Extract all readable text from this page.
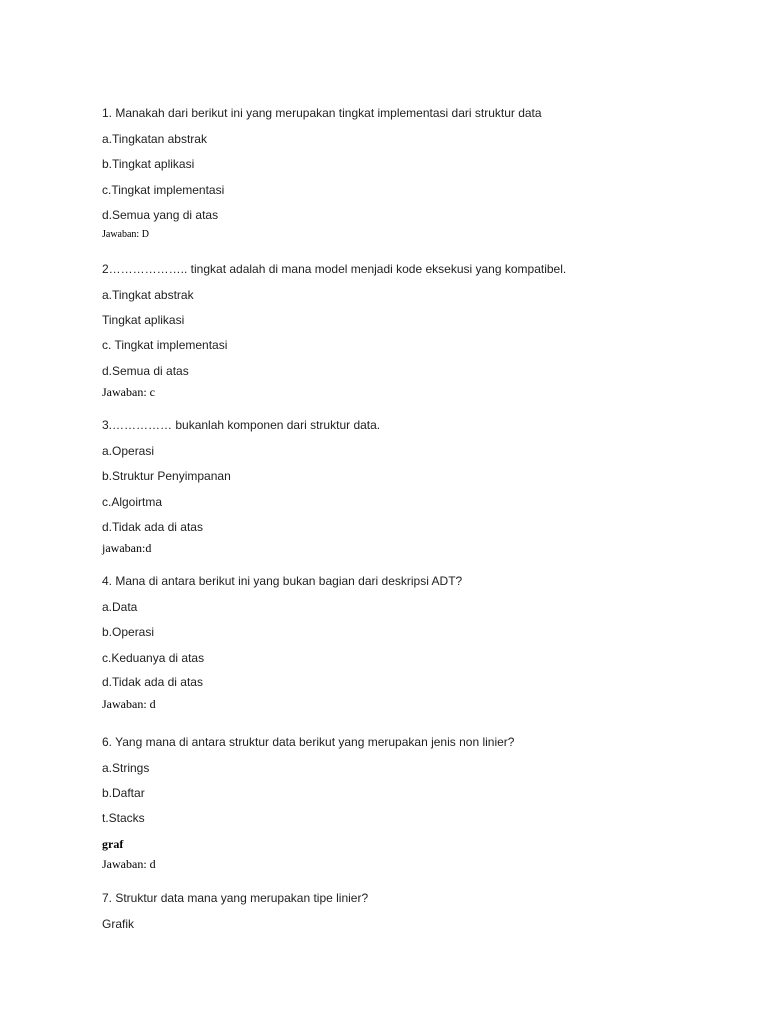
1. Manakah dari berikut ini yang merupakan tingkat implementasi dari struktur data
a.Tingkatan abstrak
b.Tingkat aplikasi
c.Tingkat implementasi
d.Semua yang di atas
Jawaban: D
2……………….. tingkat adalah di mana model menjadi kode eksekusi yang kompatibel.
a.Tingkat abstrak
Tingkat aplikasi
c. Tingkat implementasi
d.Semua di atas
Jawaban: c
3.…………… bukanlah komponen dari struktur data.
a.Operasi
b.Struktur Penyimpanan
c.Algoirtma
d.Tidak ada di atas
jawaban:d
4. Mana di antara berikut ini yang bukan bagian dari deskripsi ADT?
a.Data
b.Operasi
c.Keduanya di atas
d.Tidak ada di atas
Jawaban: d
6. Yang mana di antara struktur data berikut yang merupakan jenis non linier?
a.Strings
b.Daftar
t.Stacks
graf
Jawaban: d
7. Struktur data mana yang merupakan tipe linier?
Grafik
